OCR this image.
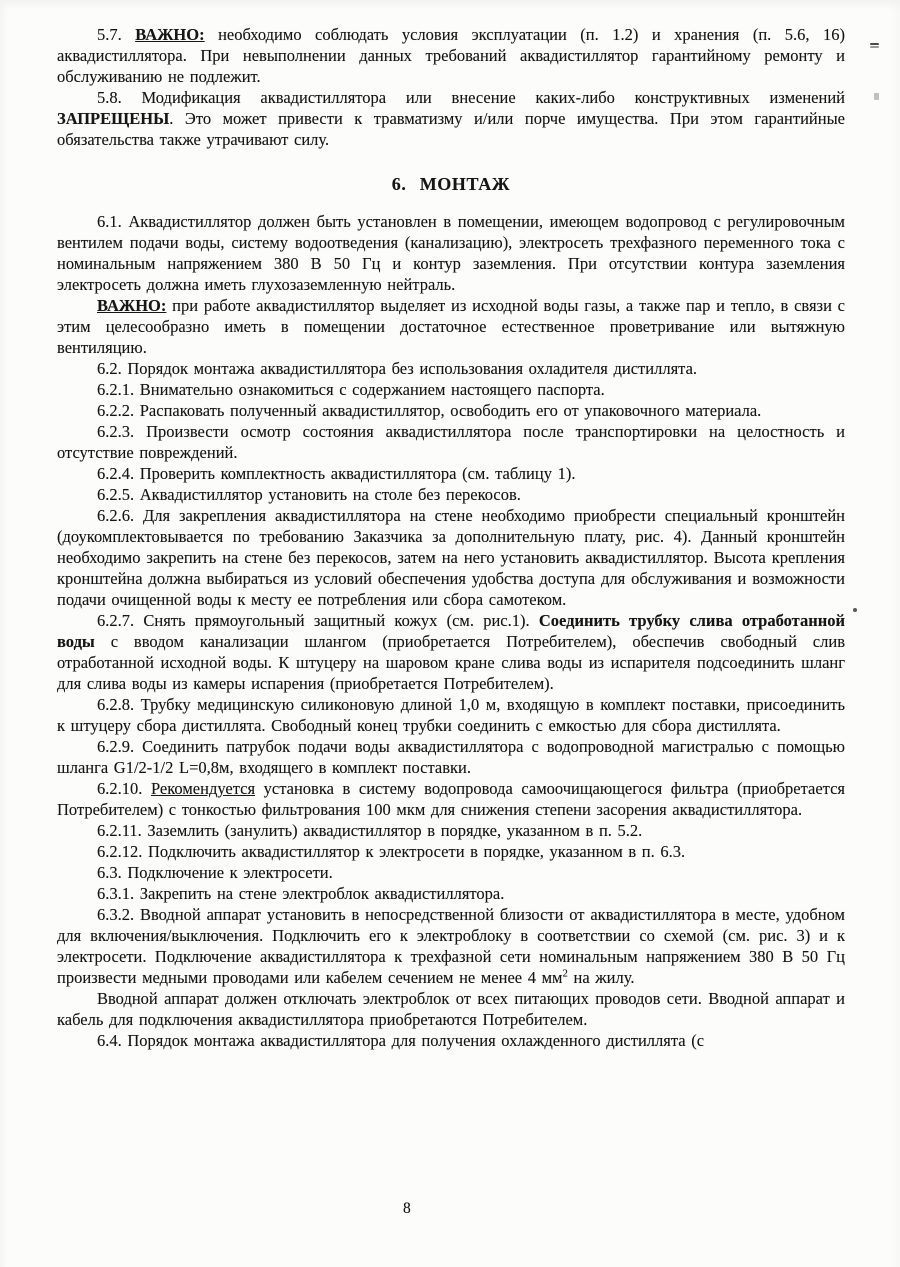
5.7. ВАЖНО: необходимо соблюдать условия эксплуатации (п. 1.2) и хранения (п. 5.6, 16) аквадистиллятора. При невыполнении данных требований аквадистиллятор гарантийному ремонту и обслуживанию не подлежит.

5.8. Модификация аквадистиллятора или внесение каких-либо конструктивных изменений ЗАПРЕЩЕНЫ. Это может привести к травматизму и/или порче имущества. При этом гарантийные обязательства также утрачивают силу.

6.  МОНТАЖ

6.1. Аквадистиллятор должен быть установлен в помещении, имеющем водопровод с регулировочным вентилем подачи воды, систему водоотведения (канализацию), электросеть трехфазного переменного тока с номинальным напряжением 380 В 50 Гц и контур заземления. При отсутствии контура заземления электросеть должна иметь глухозаземленную нейтраль.

ВАЖНО: при работе аквадистиллятор выделяет из исходной воды газы, а также пар и тепло, в связи с этим целесообразно иметь в помещении достаточное естественное проветривание или вытяжную вентиляцию.

6.2. Порядок монтажа аквадистиллятора без использования охладителя дистиллята.

6.2.1. Внимательно ознакомиться с содержанием настоящего паспорта.

6.2.2. Распаковать полученный аквадистиллятор, освободить его от упаковочного материала.

6.2.3. Произвести осмотр состояния аквадистиллятора после транспортировки на целостность и отсутствие повреждений.

6.2.4. Проверить комплектность аквадистиллятора (см. таблицу 1).

6.2.5. Аквадистиллятор установить на столе без перекосов.

6.2.6. Для закрепления аквадистиллятора на стене необходимо приобрести специальный кронштейн (доукомплектовывается по требованию Заказчика за дополнительную плату, рис. 4). Данный кронштейн необходимо закрепить на стене без перекосов, затем на него установить аквадистиллятор. Высота крепления кронштейна должна выбираться из условий обеспечения удобства доступа для обслуживания и возможности подачи очищенной воды к месту ее потребления или сбора самотеком.

6.2.7. Снять прямоугольный защитный кожух (см. рис.1). Соединить трубку слива отработанной воды с вводом канализации шлангом (приобретается Потребителем), обеспечив свободный слив отработанной исходной воды. К штуцеру на шаровом кране слива воды из испарителя подсоединить шланг для слива воды из камеры испарения (приобретается Потребителем).

6.2.8. Трубку медицинскую силиконовую длиной 1,0 м, входящую в комплект поставки, присоединить к штуцеру сбора дистиллята. Свободный конец трубки соединить с емкостью для сбора дистиллята.

6.2.9. Соединить патрубок подачи воды аквадистиллятора с водопроводной магистралью с помощью шланга G1/2-1/2 L=0,8м, входящего в комплект поставки.

6.2.10. Рекомендуется установка в систему водопровода самоочищающегося фильтра (приобретается Потребителем) с тонкостью фильтрования 100 мкм для снижения степени засорения аквадистиллятора.

6.2.11. Заземлить (занулить) аквадистиллятор в порядке, указанном в п. 5.2.

6.2.12. Подключить аквадистиллятор к электросети в порядке, указанном в п. 6.3.

6.3. Подключение к электросети.

6.3.1. Закрепить на стене электроблок аквадистиллятора.

6.3.2. Вводной аппарат установить в непосредственной близости от аквадистиллятора в месте, удобном для включения/выключения. Подключить его к электроблоку в соответствии со схемой (см. рис. 3) и к электросети. Подключение аквадистиллятора к трехфазной сети номинальным напряжением 380 В 50 Гц произвести медными проводами или кабелем сечением не менее 4 $мм^2$ на жилу.

Вводной аппарат должен отключать электроблок от всех питающих проводов сети. Вводной аппарат и кабель для подключения аквадистиллятора приобретаются Потребителем.

6.4. Порядок монтажа аквадистиллятора для получения охлажденного дистиллята (с

8
